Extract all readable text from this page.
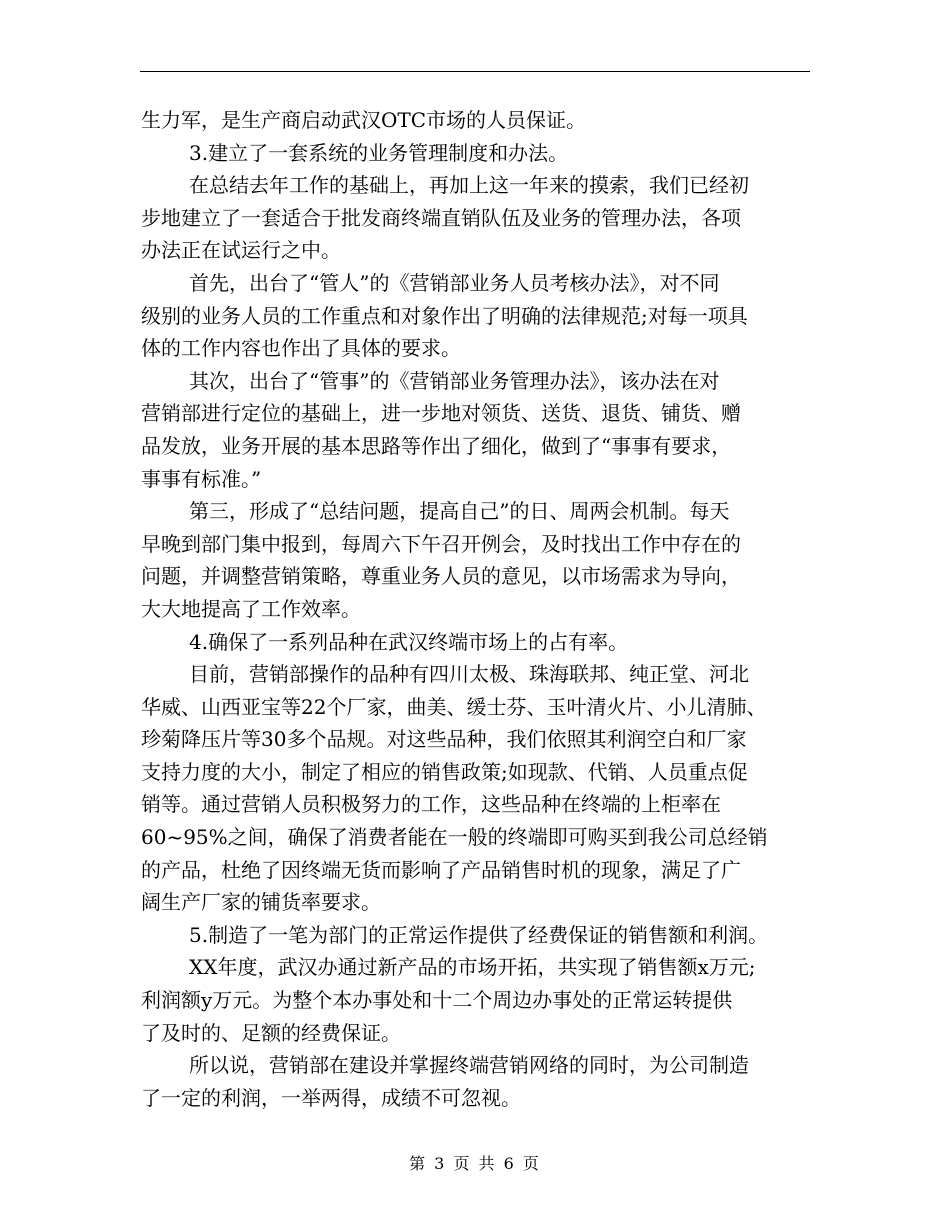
生力军，是生产商启动武汉OTC市场的人员保证。
3.建立了一套系统的业务管理制度和办法。
在总结去年工作的基础上，再加上这一年来的摸索，我们已经初
步地建立了一套适合于批发商终端直销队伍及业务的管理办法，各项
办法正在试运行之中。
首先，出台了“管人”的《营销部业务人员考核办法》，对不同
级别的业务人员的工作重点和对象作出了明确的法律规范;对每一项具
体的工作内容也作出了具体的要求。
其次，出台了“管事”的《营销部业务管理办法》，该办法在对
营销部进行定位的基础上，进一步地对领货、送货、退货、铺货、赠
品发放，业务开展的基本思路等作出了细化，做到了“事事有要求，
事事有标准。”
第三，形成了“总结问题，提高自己”的日、周两会机制。每天
早晚到部门集中报到，每周六下午召开例会，及时找出工作中存在的
问题，并调整营销策略，尊重业务人员的意见，以市场需求为导向，
大大地提高了工作效率。
4.确保了一系列品种在武汉终端市场上的占有率。
目前，营销部操作的品种有四川太极、珠海联邦、纯正堂、河北
华威、山西亚宝等22个厂家，曲美、缓士芬、玉叶清火片、小儿清肺、
珍菊降压片等30多个品规。对这些品种，我们依照其利润空白和厂家
支持力度的大小，制定了相应的销售政策;如现款、代销、人员重点促
销等。通过营销人员积极努力的工作，这些品种在终端的上柜率在
60~95%之间，确保了消费者能在一般的终端即可购买到我公司总经销
的产品，杜绝了因终端无货而影响了产品销售时机的现象，满足了广
阔生产厂家的铺货率要求。
5.制造了一笔为部门的正常运作提供了经费保证的销售额和利润。
XX年度，武汉办通过新产品的市场开拓，共实现了销售额x万元;
利润额y万元。为整个本办事处和十二个周边办事处的正常运转提供
了及时的、足额的经费保证。
所以说，营销部在建设并掌握终端营销网络的同时，为公司制造
了一定的利润，一举两得，成绩不可忽视。
第 3 页 共 6 页
